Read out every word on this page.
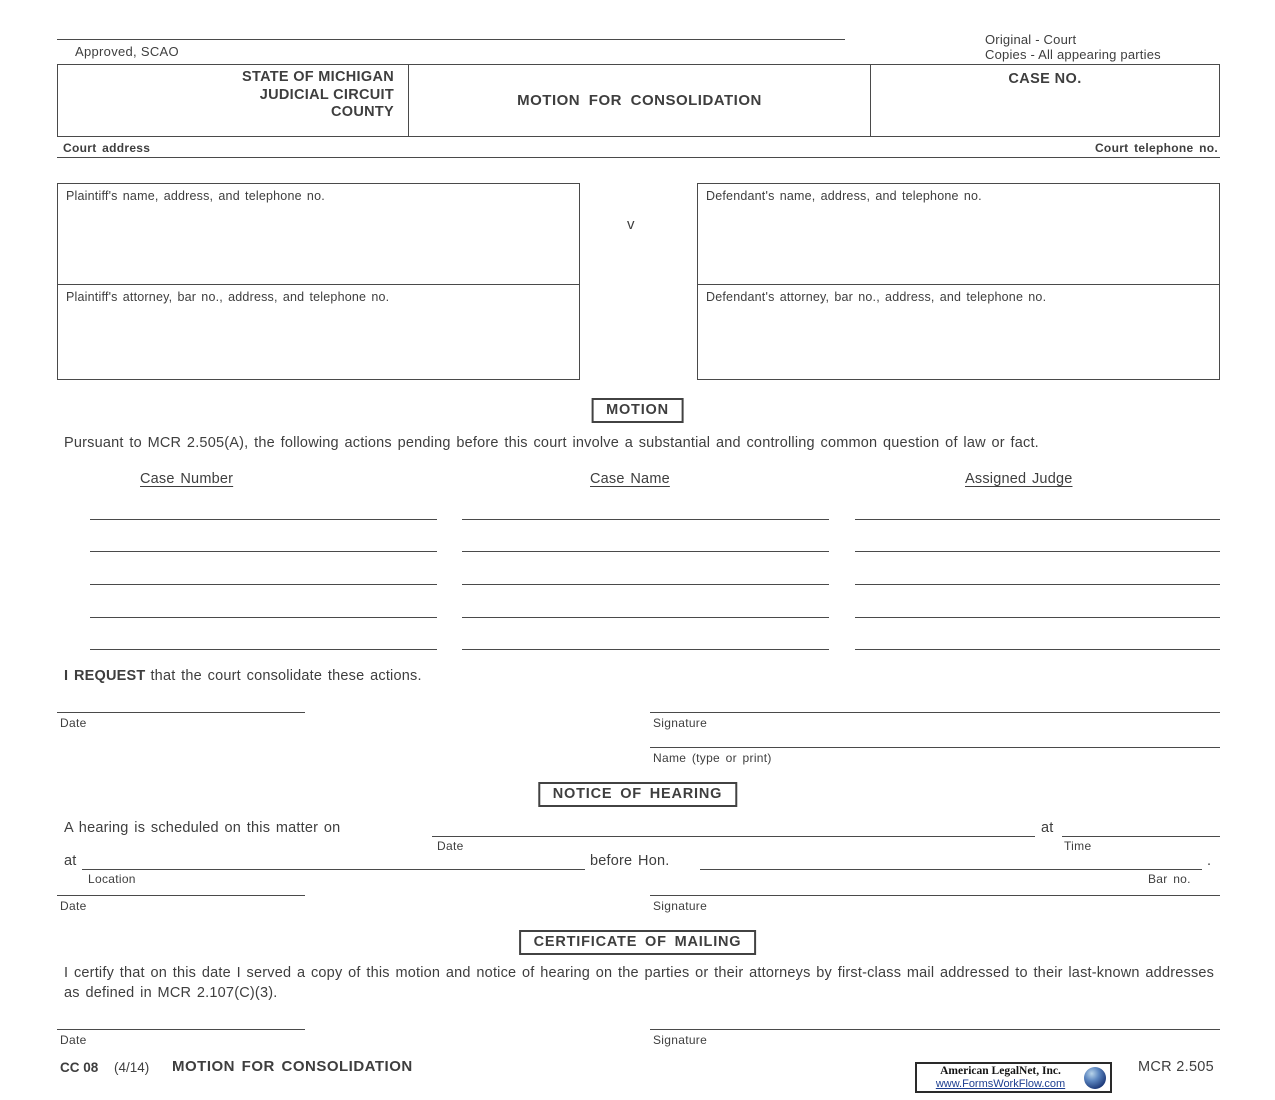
Approved, SCAO
Original - Court
Copies - All appearing parties
STATE OF MICHIGAN
JUDICIAL CIRCUIT
COUNTY
MOTION FOR CONSOLIDATION
CASE NO.
Court address	Court telephone no.
Plaintiff's name, address, and telephone no.
Plaintiff's attorney, bar no., address, and telephone no.
v
Defendant's name, address, and telephone no.
Defendant's attorney, bar no., address, and telephone no.
MOTION
Pursuant to MCR 2.505(A), the following actions pending before this court involve a substantial and controlling common question of law or fact.
Case Number	Case Name	Assigned Judge
I REQUEST that the court consolidate these actions.
Date	Signature
Name (type or print)
NOTICE OF HEARING
A hearing is scheduled on this matter on
Date
at
Time
at
Location
before Hon.	.
Bar no.
Date	Signature
CERTIFICATE OF MAILING
I certify that on this date I served a copy of this motion and notice of hearing on the parties or their attorneys by first-class mail addressed to their last-known addresses as defined in MCR 2.107(C)(3).
Date	Signature
CC 08 (4/14) MOTION FOR CONSOLIDATION	American LegalNet, Inc.
www.FormsWorkFlow.com
MCR 2.505
